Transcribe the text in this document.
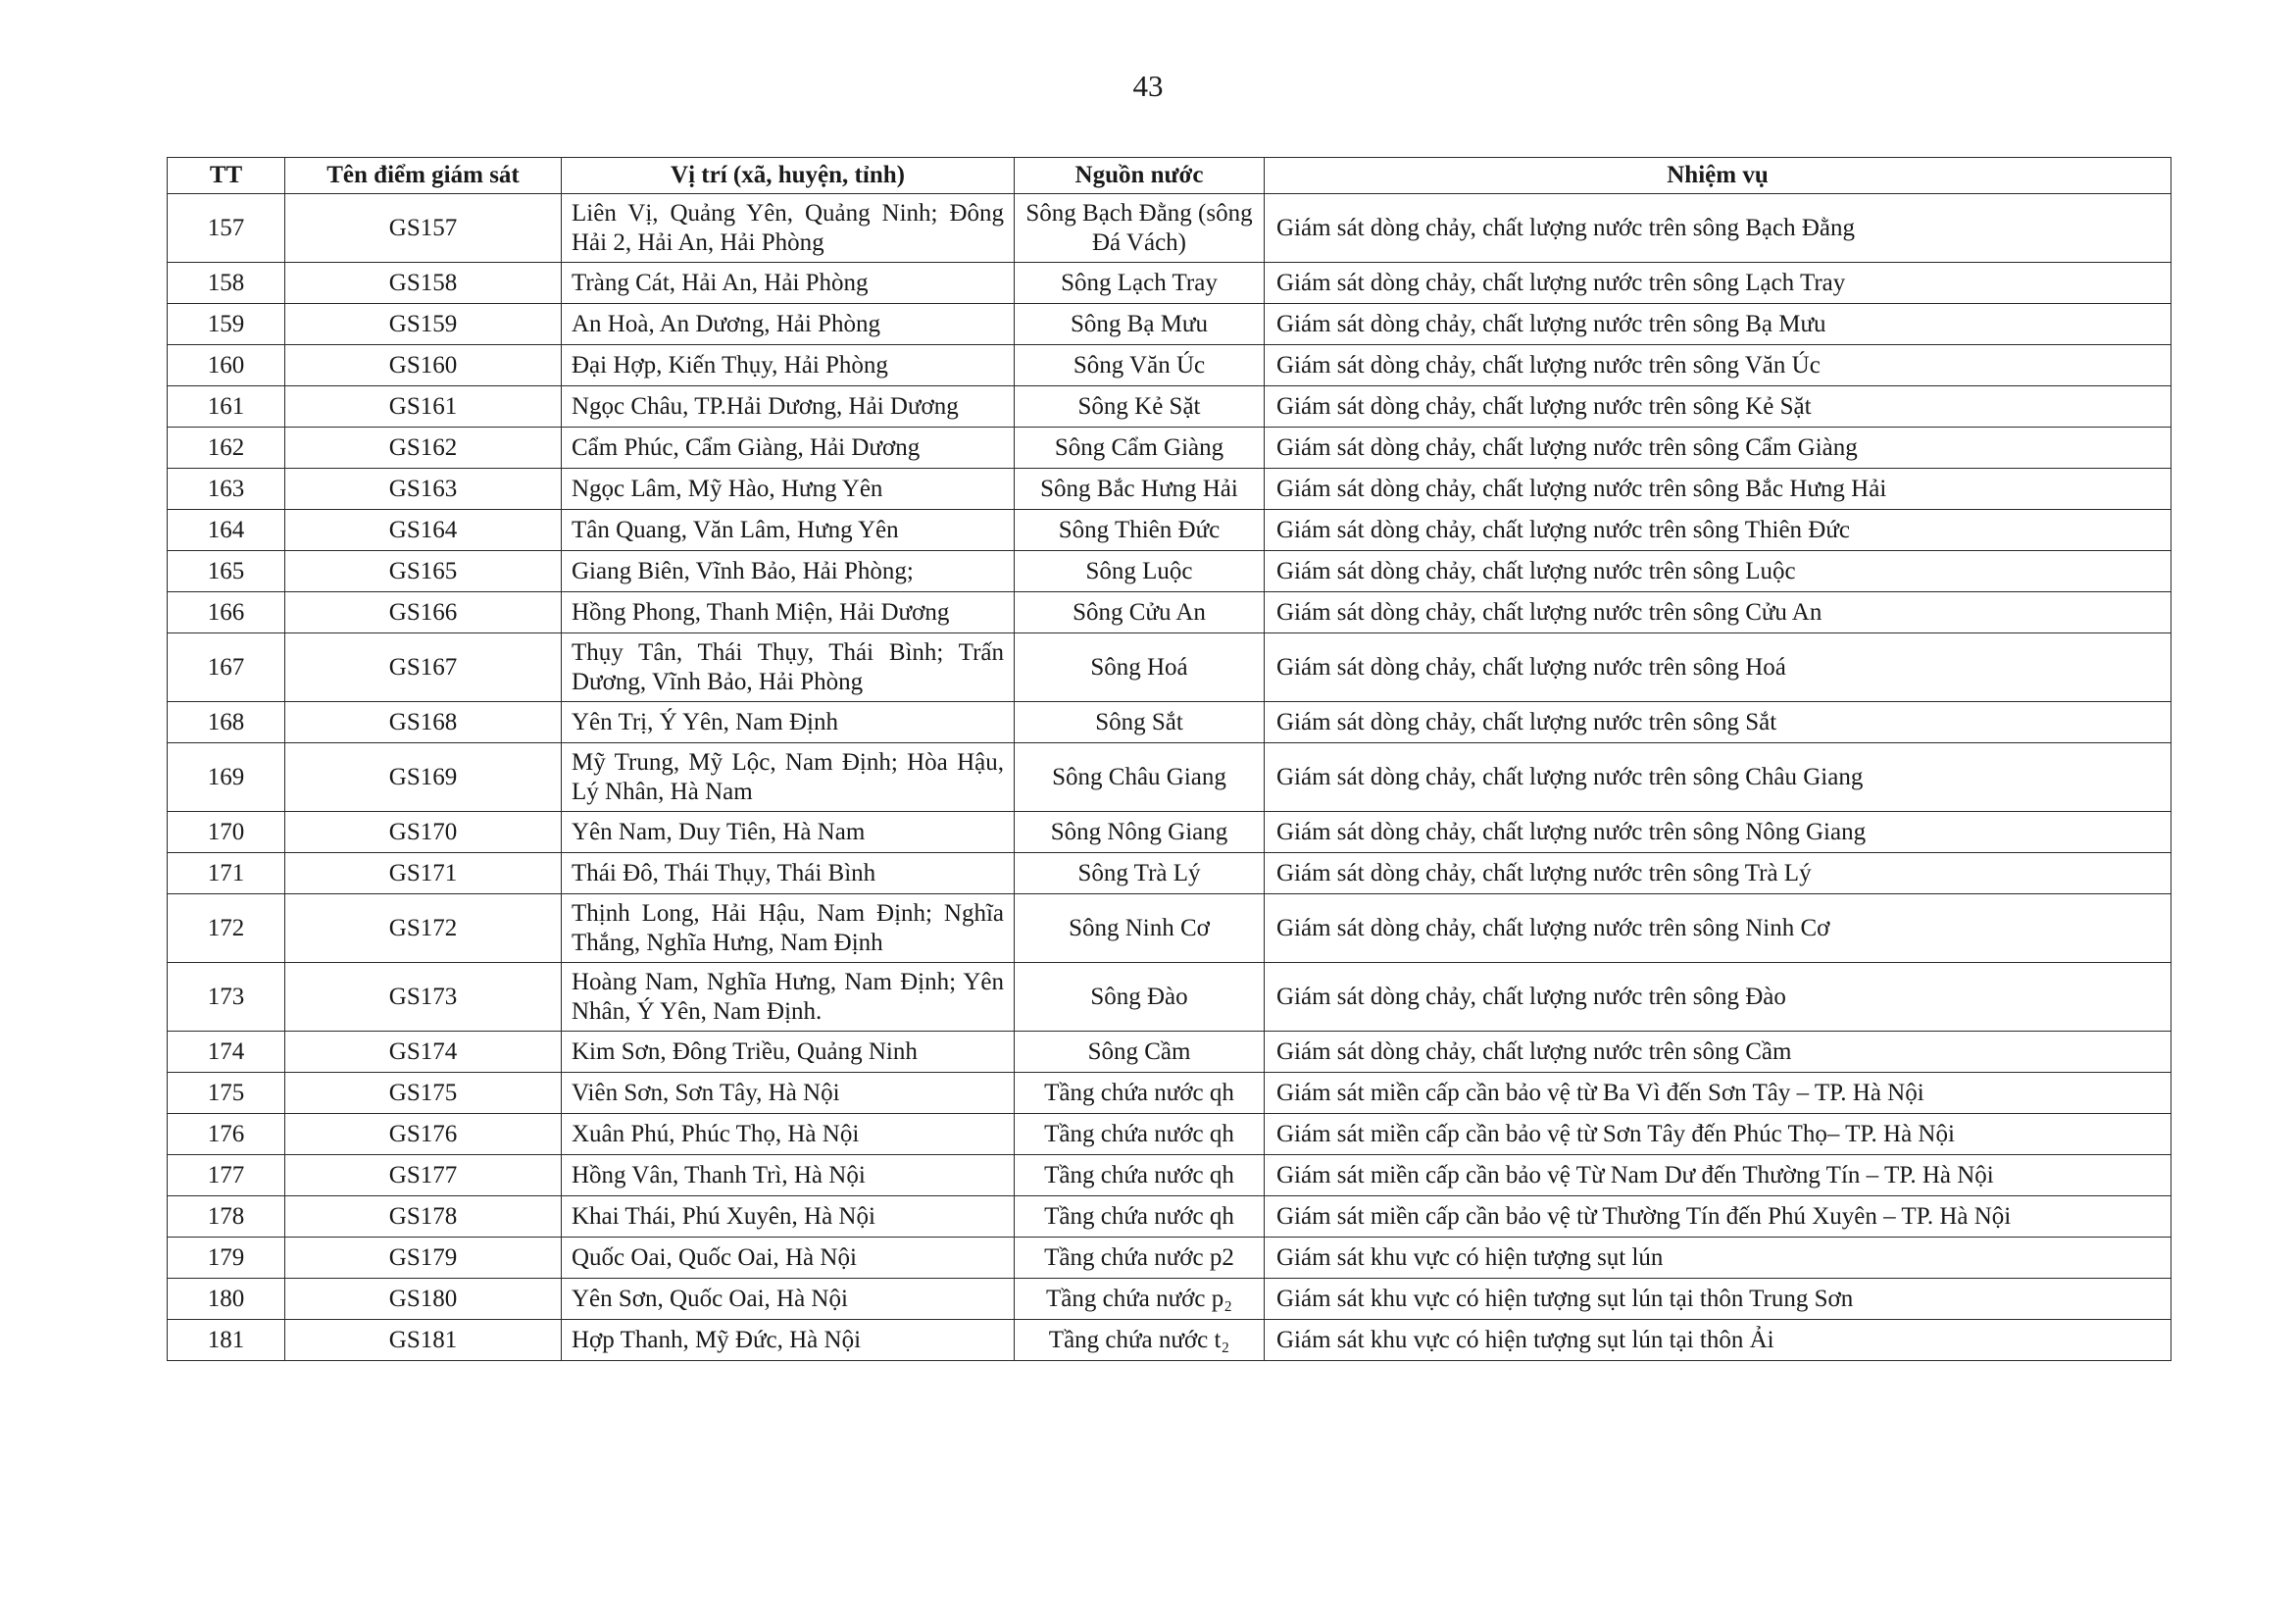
43
TT	Tên điểm giám sát	Vị trí (xã, huyện, tỉnh)	Nguồn nước	Nhiệm vụ
157	GS157	Liên Vị, Quảng Yên, Quảng Ninh; Đông Hải 2, Hải An, Hải Phòng	Sông Bạch Đằng (sông Đá Vách)	Giám sát dòng chảy, chất lượng nước trên sông Bạch Đằng
158	GS158	Tràng Cát, Hải An, Hải Phòng	Sông Lạch Tray	Giám sát dòng chảy, chất lượng nước trên sông Lạch Tray
159	GS159	An Hoà, An Dương, Hải Phòng	Sông Bạ Mưu	Giám sát dòng chảy, chất lượng nước trên sông Bạ Mưu
160	GS160	Đại Hợp, Kiến Thụy, Hải Phòng	Sông Văn Úc	Giám sát dòng chảy, chất lượng nước trên sông Văn Úc
161	GS161	Ngọc Châu, TP.Hải Dương, Hải Dương	Sông Kẻ Sặt	Giám sát dòng chảy, chất lượng nước trên sông Kẻ Sặt
162	GS162	Cẩm Phúc, Cẩm Giàng, Hải Dương	Sông Cẩm Giàng	Giám sát dòng chảy, chất lượng nước trên sông Cẩm Giàng
163	GS163	Ngọc Lâm, Mỹ Hào, Hưng Yên	Sông Bắc Hưng Hải	Giám sát dòng chảy, chất lượng nước trên sông Bắc Hưng Hải
164	GS164	Tân Quang, Văn Lâm, Hưng Yên	Sông Thiên Đức	Giám sát dòng chảy, chất lượng nước trên sông Thiên Đức
165	GS165	Giang Biên, Vĩnh Bảo, Hải Phòng;	Sông Luộc	Giám sát dòng chảy, chất lượng nước trên sông Luộc
166	GS166	Hồng Phong, Thanh Miện, Hải Dương	Sông Cửu An	Giám sát dòng chảy, chất lượng nước trên sông Cửu An
167	GS167	Thụy Tân, Thái Thụy, Thái Bình; Trấn Dương, Vĩnh Bảo, Hải Phòng	Sông Hoá	Giám sát dòng chảy, chất lượng nước trên sông Hoá
168	GS168	Yên Trị, Ý Yên, Nam Định	Sông Sắt	Giám sát dòng chảy, chất lượng nước trên sông Sắt
169	GS169	Mỹ Trung, Mỹ Lộc, Nam Định; Hòa Hậu, Lý Nhân, Hà Nam	Sông Châu Giang	Giám sát dòng chảy, chất lượng nước trên sông Châu Giang
170	GS170	Yên Nam, Duy Tiên, Hà Nam	Sông Nông Giang	Giám sát dòng chảy, chất lượng nước trên sông Nông Giang
171	GS171	Thái Đô, Thái Thụy, Thái Bình	Sông Trà Lý	Giám sát dòng chảy, chất lượng nước trên sông Trà Lý
172	GS172	Thịnh Long, Hải Hậu, Nam Định; Nghĩa Thắng, Nghĩa Hưng, Nam Định	Sông Ninh Cơ	Giám sát dòng chảy, chất lượng nước trên sông Ninh Cơ
173	GS173	Hoàng Nam, Nghĩa Hưng, Nam Định; Yên Nhân, Ý Yên, Nam Định.	Sông Đào	Giám sát dòng chảy, chất lượng nước trên sông Đào
174	GS174	Kim Sơn, Đông Triều, Quảng Ninh	Sông Cầm	Giám sát dòng chảy, chất lượng nước trên sông Cầm
175	GS175	Viên Sơn, Sơn Tây, Hà Nội	Tầng chứa nước qh	Giám sát miền cấp cần bảo vệ từ Ba Vì đến Sơn Tây – TP. Hà Nội
176	GS176	Xuân Phú, Phúc Thọ, Hà Nội	Tầng chứa nước qh	Giám sát miền cấp cần bảo vệ từ Sơn Tây đến Phúc Thọ– TP. Hà Nội
177	GS177	Hồng Vân, Thanh Trì, Hà Nội	Tầng chứa nước qh	Giám sát miền cấp cần bảo vệ Từ Nam Dư đến Thường Tín – TP. Hà Nội
178	GS178	Khai Thái, Phú Xuyên, Hà Nội	Tầng chứa nước qh	Giám sát miền cấp cần bảo vệ từ Thường Tín đến Phú Xuyên – TP. Hà Nội
179	GS179	Quốc Oai, Quốc Oai, Hà Nội	Tầng chứa nước p2	Giám sát khu vực có hiện tượng sụt lún
180	GS180	Yên Sơn, Quốc Oai, Hà Nội	Tầng chứa nước p₂	Giám sát khu vực có hiện tượng sụt lún tại thôn Trung Sơn
181	GS181	Hợp Thanh, Mỹ Đức, Hà Nội	Tầng chứa nước t₂	Giám sát khu vực có hiện tượng sụt lún tại thôn Ải
